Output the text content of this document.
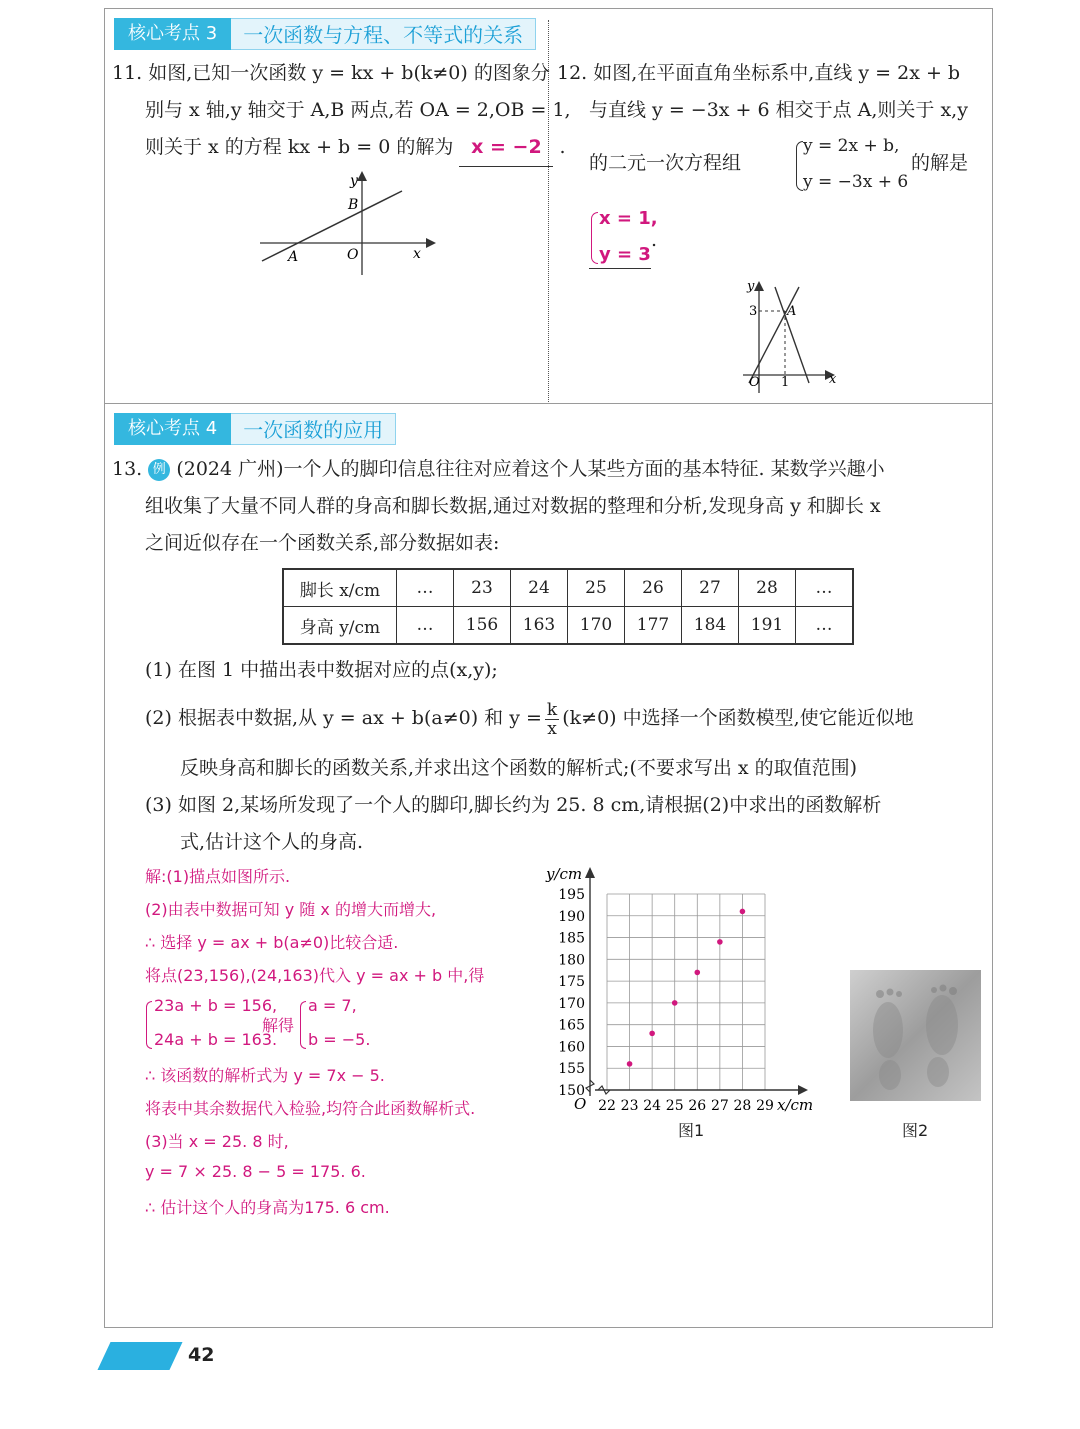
核心考点 3	一次函数与方程、不等式的关系
11. 如图,已知一次函数 y = kx + b(k≠0) 的图象分
别与 x 轴,y 轴交于 A,B 两点,若 OA = 2,OB = 1,
则关于 x 的方程 kx + b = 0 的解为 x = −2 .
y
x
O
A
B
12. 如图,在平面直角坐标系中,直线 y = 2x + b
与直线 y = −3x + 6 相交于点 A,则关于 x,y
的二元一次方程组
y = 2x + b,
y = −3x + 6
的解是
x = 1,
y = 3
.
y
x
O
A
3
1
核心考点 4	一次函数的应用
13. 例 (2024 广州)一个人的脚印信息往往对应着这个人某些方面的基本特征. 某数学兴趣小
组收集了大量不同人群的身高和脚长数据,通过对数据的整理和分析,发现身高 y 和脚长 x
之间近似存在一个函数关系,部分数据如表:
脚长 x/cm	…	23	24	25	26	27	28	…
身高 y/cm	…	156	163	170	177	184	191	…
(1) 在图 1 中描出表中数据对应的点(x,y);
(2) 根据表中数据,从 y = ax + b(a≠0) 和 $y = \frac{k}{x} (k\ne 0)$ 中选择一个函数模型,使它能近似地
反映身高和脚长的函数关系,并求出这个函数的解析式;(不要求写出 x 的取值范围)
(3) 如图 2,某场所发现了一个人的脚印,脚长约为 25. 8 cm,请根据(2)中求出的函数解析
式,估计这个人的身高.
解:(1)描点如图所示.
(2)由表中数据可知 y 随 x 的增大而增大,
∴ 选择 y = ax + b(a≠0)比较合适.
将点(23,156),(24,163)代入 y = ax + b 中,得
23a + b = 156,
24a + b = 163.
解得
a = 7,
b = −5.
∴ 该函数的解析式为 y = 7x − 5.
将表中其余数据代入检验,均符合此函数解析式.
(3)当 x = 25. 8 时,
y = 7 × 25. 8 − 5 = 175. 6.
∴ 估计这个人的身高为175. 6 cm.
22 23 24 25 26 27 28 29
150
155
160
165
170
175
180
185
190
195
y/cm
x/cm
O
图1	图2
42
